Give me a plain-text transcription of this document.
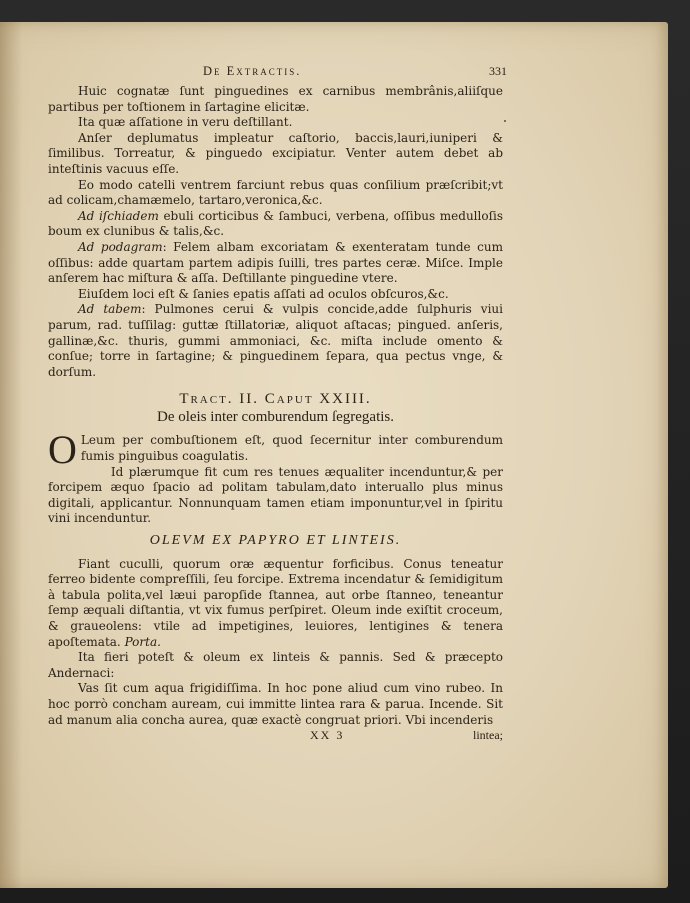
De Extractis.	331

Huic cognatæ ſunt pinguedines ex carnibus membrânis,aliiſque partibus per toſtionem in ſartagine elicitæ.

Ita quæ aſſatione in veru deſtillant.

Anſer deplumatus impleatur caſtorio, baccis,lauri,iuniperi & ſimilibus. Torreatur, & pinguedo excipiatur. Venter autem debet ab inteſtinis vacuus eſſe.

Eo modo catelli ventrem farciunt rebus quas conſilium præſcribit;vt ad colicam,chamæmelo, tartaro,veronica,&c.

Ad iſchiadem ebuli corticibus & ſambuci, verbena, oſſibus medulloſis boum ex clunibus & talis,&c.

Ad podagram: Felem albam excoriatam & exenteratam tunde cum oſſibus: adde quartam partem adipis ſuilli, tres partes ceræ. Miſce. Imple anſerem hac miſtura & aſſa. Deſtillante pinguedine vtere.

Eiuſdem loci eſt & ſanies epatis aſſati ad oculos obſcuros,&c.

Ad tabem: Pulmones cerui & vulpis concide,adde ſulphuris viui parum, rad. tuſſilag: guttæ ſtillatoriæ, aliquot aſtacas; pingued. anſeris, gallinæ,&c. thuris, gummi ammoniaci, &c. miſta include omento & conſue; torre in ſartagine; & pinguedinem ſepara, qua pectus vnge, & dorſum.

Tract. II. Caput XXIII.
De oleis inter comburendum ſegregatis.

O Leum per combuſtionem eſt, quod ſecernitur inter comburendum fumis pinguibus coagulatis.

Id plærumque fit cum res tenues æqualiter incenduntur,& per forcipem æquo ſpacio ad politam tabulam,dato interuallo plus minus digitali, applicantur. Nonnunquam tamen etiam imponuntur,vel in ſpiritu vini incenduntur.

OLEVM EX PAPYRO ET LINTEIS.

Fiant cuculli, quorum oræ æquentur forficibus. Conus teneatur ferreo bidente compreſſili, ſeu forcipe. Extrema incendatur & ſemidigitum à tabula polita,vel læui paropſide ſtannea, aut orbe ſtanneo, teneantur ſemp æquali diſtantia, vt vix fumus perſpiret. Oleum inde exiſtit croceum, & graueolens: vtile ad impetigines, leuiores, lentigines & tenera apoſtemata. Porta.

Ita fieri poteſt & oleum ex linteis & pannis. Sed & præcepto Andernaci:

Vas ſit cum aqua frigidiſſima. In hoc pone aliud cum vino rubeo. In hoc porrò concham auream, cui immitte lintea rara & parua. Incende. Sit ad manum alia concha aurea, quæ exactè congruat priori. Vbi incenderis

XX 3	lintea;
